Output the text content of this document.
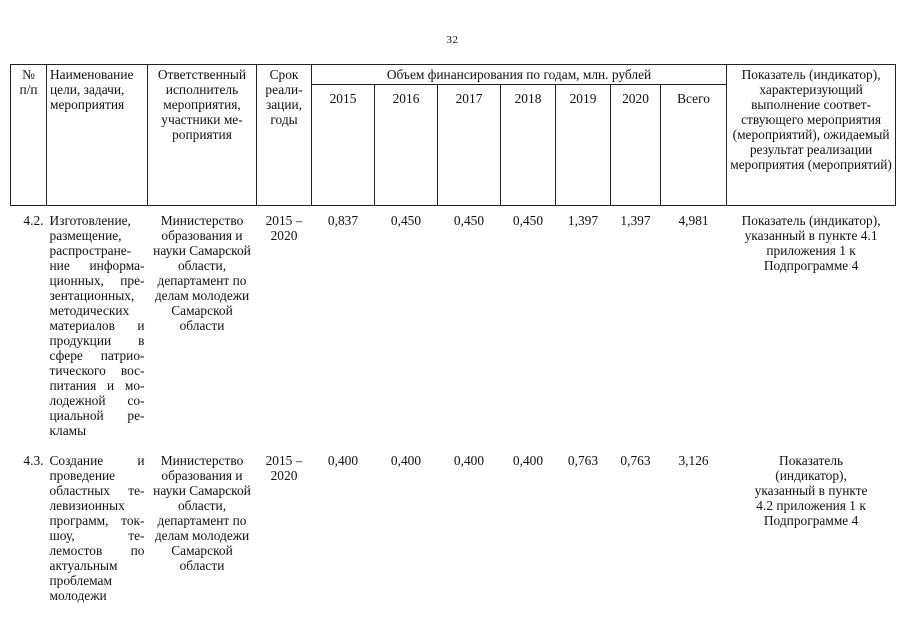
32
№
п/п	Наименование цели, задачи, мероприятия	Ответственный исполнитель мероприятия, участники ме-роприятия	Срок реали-зации, годы	Объем финансирования по годам, млн. рублей							Показатель (индикатор), характеризующий выполнение соответ-ствующего мероприятия (мероприятий), ожидаемый результат реализации мероприятия (мероприятий)
				2015	2016	2017	2018	2019	2020	Всего	
4.2.	Изготовление, размещение, распростране-ние информа-ционных, пре-зентационных, методических материалов и продукции в сфере патрио-тического вос-питания и мо-лодежной со-циальной ре-кламы	Министерство образования и науки Самарской области, департамент по делам молодежи Самарской области	2015 – 2020	0,837	0,450	0,450	0,450	1,397	1,397	4,981	Показатель (индикатор), указанный в пункте 4.1 приложения 1 к Подпрограмме 4
4.3.	Создание и проведение областных те-левизионных программ, ток-шоу, те-лемостов по актуальным проблемам молодежи	Министерство образования и науки Самарской области, департамент по делам молодежи Самарской области	2015 – 2020	0,400	0,400	0,400	0,400	0,763	0,763	3,126	Показатель (индикатор), указанный в пункте 4.2 приложения 1 к Подпрограмме 4
